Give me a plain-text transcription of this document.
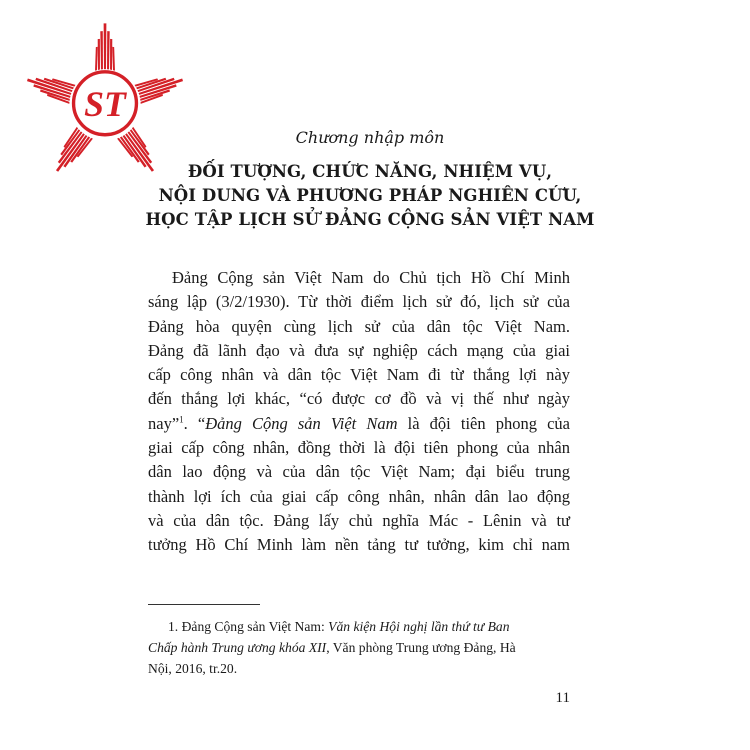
ST
Chương nhập môn
ĐỐI TƯỢNG, CHỨC NĂNG, NHIỆM VỤ,
NỘI DUNG VÀ PHƯƠNG PHÁP NGHIÊN CỨU,
HỌC TẬP LỊCH SỬ ĐẢNG CỘNG SẢN VIỆT NAM
Đảng Cộng sản Việt Nam do Chủ tịch Hồ Chí Minh
sáng lập (3/2/1930). Từ thời điểm lịch sử đó, lịch sử của
Đảng hòa quyện cùng lịch sử của dân tộc Việt Nam.
Đảng đã lãnh đạo và đưa sự nghiệp cách mạng của giai
cấp công nhân và dân tộc Việt Nam đi từ thắng lợi này
đến thắng lợi khác, “có được cơ đồ và vị thế như ngày
nay”$^1$. “Đảng Cộng sản Việt Nam là đội tiên phong của
giai cấp công nhân, đồng thời là đội tiên phong của nhân
dân lao động và của dân tộc Việt Nam; đại biểu trung
thành lợi ích của giai cấp công nhân, nhân dân lao động
và của dân tộc. Đảng lấy chủ nghĩa Mác - Lênin và tư
tưởng Hồ Chí Minh làm nền tảng tư tưởng, kim chỉ nam
1. Đảng Cộng sản Việt Nam: Văn kiện Hội nghị lần thứ tư Ban
Chấp hành Trung ương khóa XII, Văn phòng Trung ương Đảng, Hà
Nội, 2016, tr.20.
11
